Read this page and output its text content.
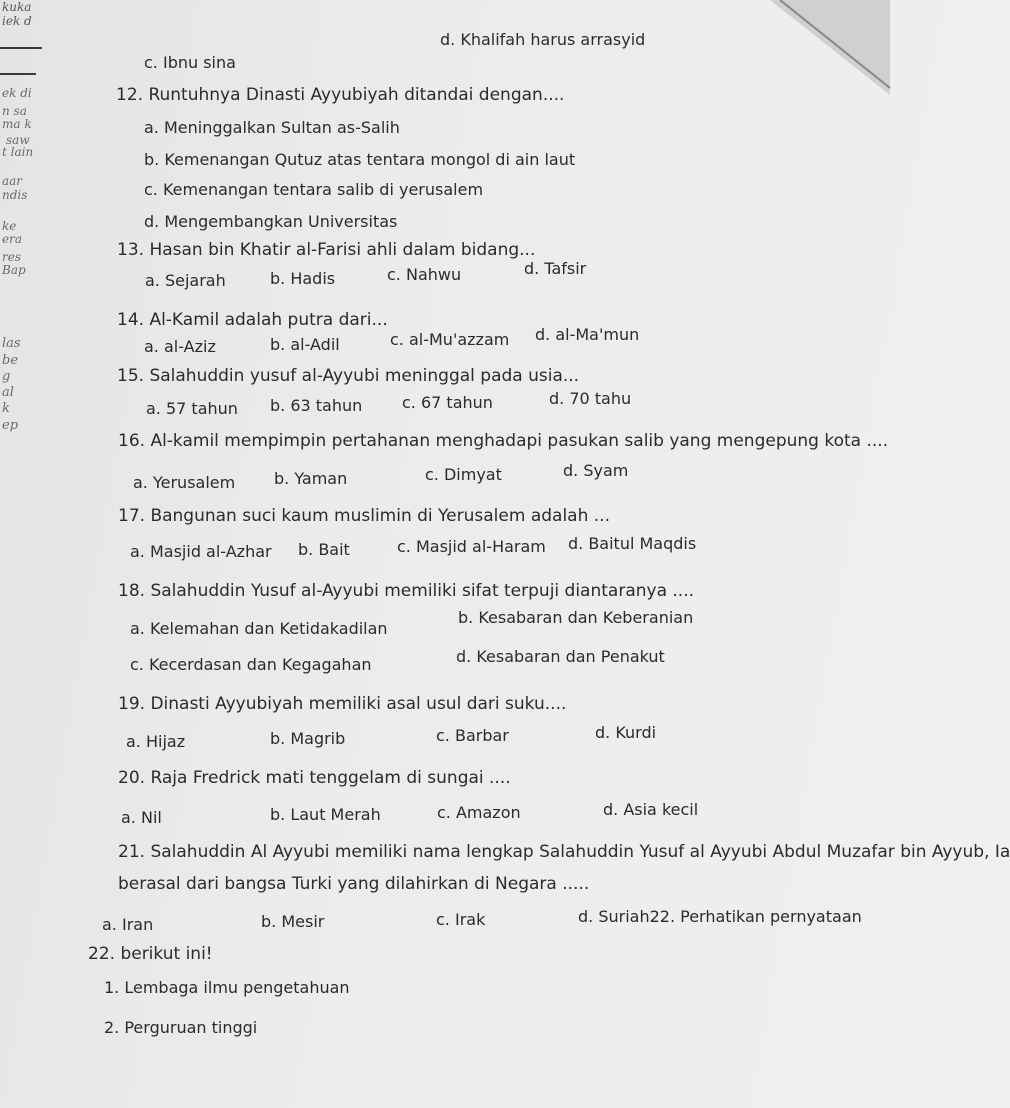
kuka
iek d
ek di
n sa
ma k
saw
t lain
aar
ndis
ke
era
res
Bap
las
be
g
al
k
ep
c. Ibnu sina
d. Khalifah harus arrasyid
12. Runtuhnya Dinasti Ayyubiyah ditandai dengan....
a. Meninggalkan Sultan as-Salih
b. Kemenangan Qutuz atas tentara mongol di ain laut
c. Kemenangan tentara salib di yerusalem
d. Mengembangkan Universitas
13. Hasan bin Khatir al-Farisi ahli dalam bidang...
a. Sejarah	b. Hadis	c. Nahwu	d. Tafsir
14. Al-Kamil adalah putra dari...
a. al-Aziz	b. al-Adil	c. al-Mu'azzam d. al-Ma'mun
15. Salahuddin yusuf al-Ayyubi meninggal pada usia...
a. 57 tahun b. 63 tahun c. 67 tahun	d. 70 tahu
16. Al-kamil mempimpin pertahanan menghadapi pasukan salib yang mengepung kota ....
a. Yerusalem b. Yaman	c. Dimyat	d. Syam
17. Bangunan suci kaum muslimin di Yerusalem adalah ...
a. Masjid al-Azhar b. Bait	c. Masjid al-Haram d. Baitul Maqdis
18. Salahuddin Yusuf al-Ayyubi memiliki sifat terpuji diantaranya ....
a. Kelemahan dan Ketidakadilan
b. Kesabaran dan Keberanian
c. Kecerdasan dan Kegagahan	d. Kesabaran dan Penakut
19. Dinasti Ayyubiyah memiliki asal usul dari suku....
a. Hijaz	b. Magrib	c. Barbar	d. Kurdi
20. Raja Fredrick mati tenggelam di sungai ....
a. Nil	b. Laut Merah	c. Amazon	d. Asia kecil
21. Salahuddin Al Ayyubi memiliki nama lengkap Salahuddin Yusuf al Ayyubi Abdul Muzafar bin Ayyub, Ia
berasal dari bangsa Turki yang dilahirkan di Negara .....
a. Iran	b. Mesir	c. Irak	d. Suriah22. Perhatikan pernyataan
22. berikut ini!
1. Lembaga ilmu pengetahuan
2. Perguruan tinggi
